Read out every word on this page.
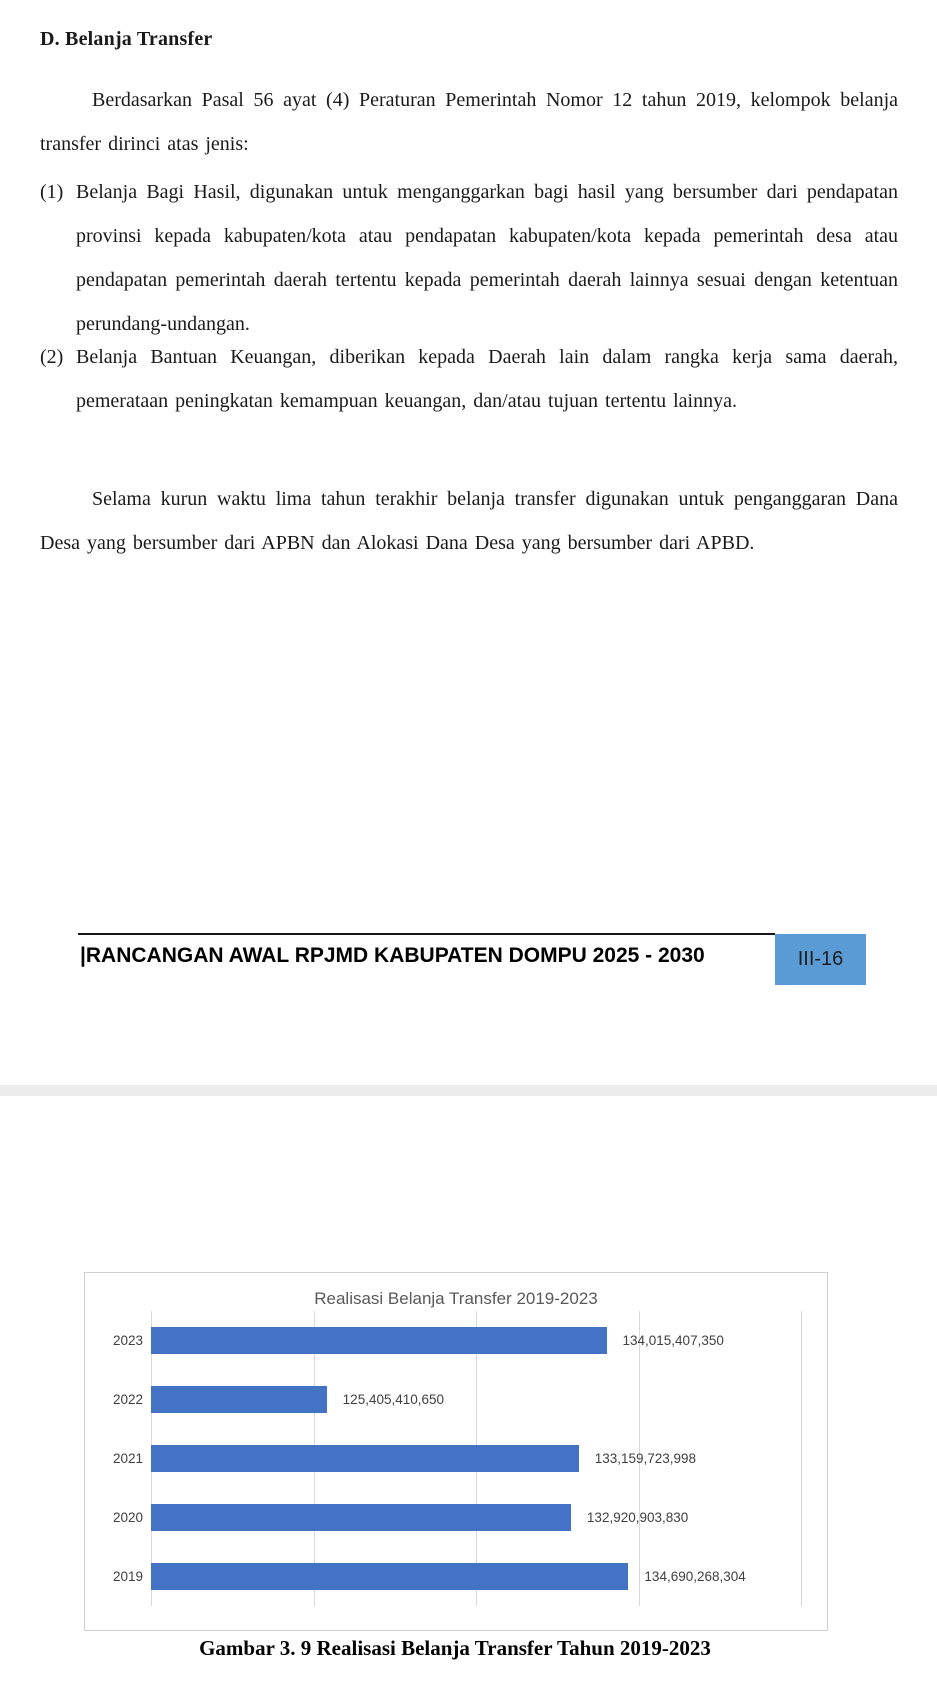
D. Belanja Transfer
Berdasarkan Pasal 56 ayat (4) Peraturan Pemerintah Nomor 12 tahun 2019, kelompok belanja transfer dirinci atas jenis:
(1) Belanja Bagi Hasil, digunakan untuk menganggarkan bagi hasil yang bersumber dari pendapatan provinsi kepada kabupaten/kota atau pendapatan kabupaten/kota kepada pemerintah desa atau pendapatan pemerintah daerah tertentu kepada pemerintah daerah lainnya sesuai dengan ketentuan perundang-undangan.
(2) Belanja Bantuan Keuangan, diberikan kepada Daerah lain dalam rangka kerja sama daerah, pemerataan peningkatan kemampuan keuangan, dan/atau tujuan tertentu lainnya.
Selama kurun waktu lima tahun terakhir belanja transfer digunakan untuk penganggaran Dana Desa yang bersumber dari APBN dan Alokasi Dana Desa yang bersumber dari APBD.
|RANCANGAN AWAL RPJMD KABUPATEN DOMPU 2025 - 2030	III-16
Realisasi Belanja Transfer 2019-2023
2023	134,015,407,350
2022	125,405,410,650
2021	133,159,723,998
2020	132,920,903,830
2019	134,690,268,304
Gambar 3. 9 Realisasi Belanja Transfer Tahun 2019-2023
